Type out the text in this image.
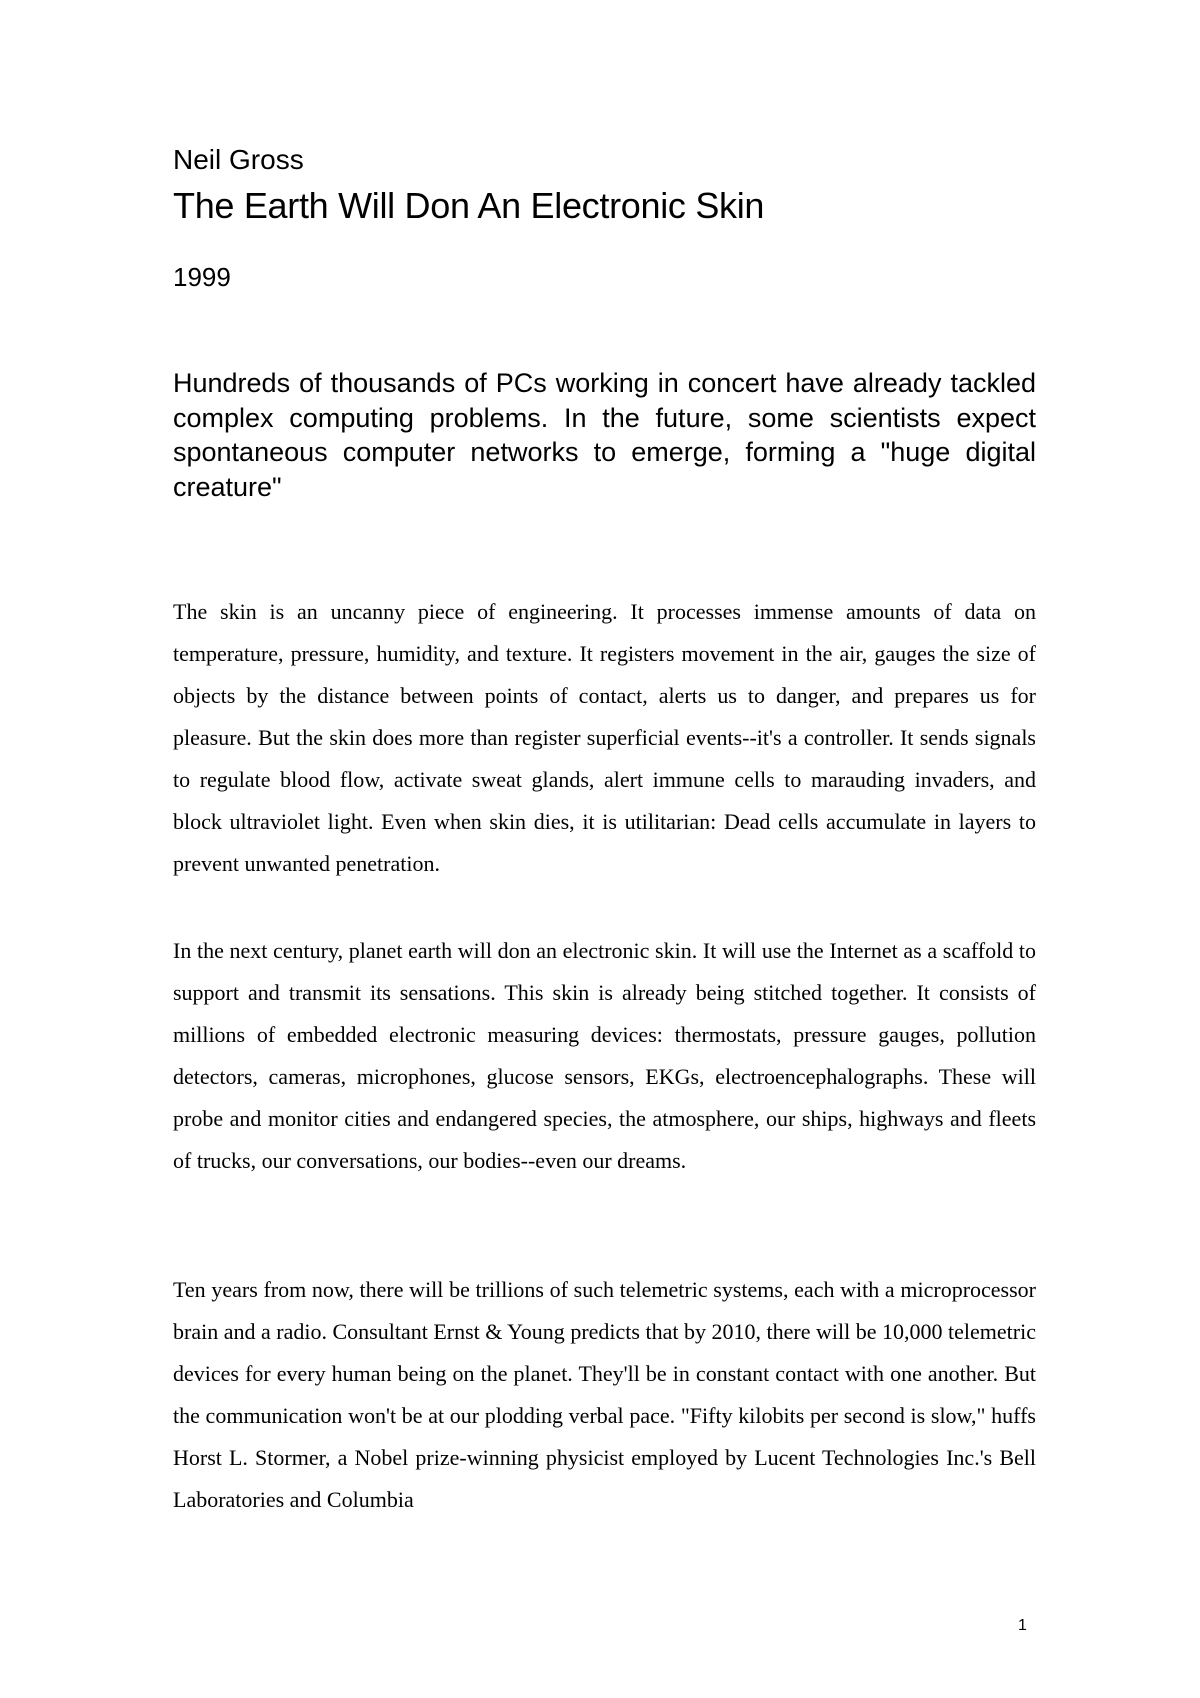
Neil Gross

The Earth Will Don An Electronic Skin

1999

Hundreds of thousands of PCs working in concert have already tackled complex computing problems. In the future, some scientists expect spontaneous computer networks to emerge, forming a "huge digital creature"

The skin is an uncanny piece of engineering. It processes immense amounts of data on temperature, pressure, humidity, and texture. It registers movement in the air, gauges the size of objects by the distance between points of contact, alerts us to danger, and prepares us for pleasure. But the skin does more than register superficial events--it's a controller. It sends signals to regulate blood flow, activate sweat glands, alert immune cells to marauding invaders, and block ultraviolet light. Even when skin dies, it is utilitarian: Dead cells accumulate in layers to prevent unwanted penetration.

In the next century, planet earth will don an electronic skin. It will use the Internet as a scaffold to support and transmit its sensations. This skin is already being stitched together. It consists of millions of embedded electronic measuring devices: thermostats, pressure gauges, pollution detectors, cameras, microphones, glucose sensors, EKGs, electroencephalographs. These will probe and monitor cities and endangered species, the atmosphere, our ships, highways and fleets of trucks, our conversations, our bodies--even our dreams.

Ten years from now, there will be trillions of such telemetric systems, each with a microprocessor brain and a radio. Consultant Ernst & Young predicts that by 2010, there will be 10,000 telemetric devices for every human being on the planet. They'll be in constant contact with one another. But the communication won't be at our plodding verbal pace. "Fifty kilobits per second is slow," huffs Horst L. Stormer, a Nobel prize-winning physicist employed by Lucent Technologies Inc.'s Bell Laboratories and Columbia

1
